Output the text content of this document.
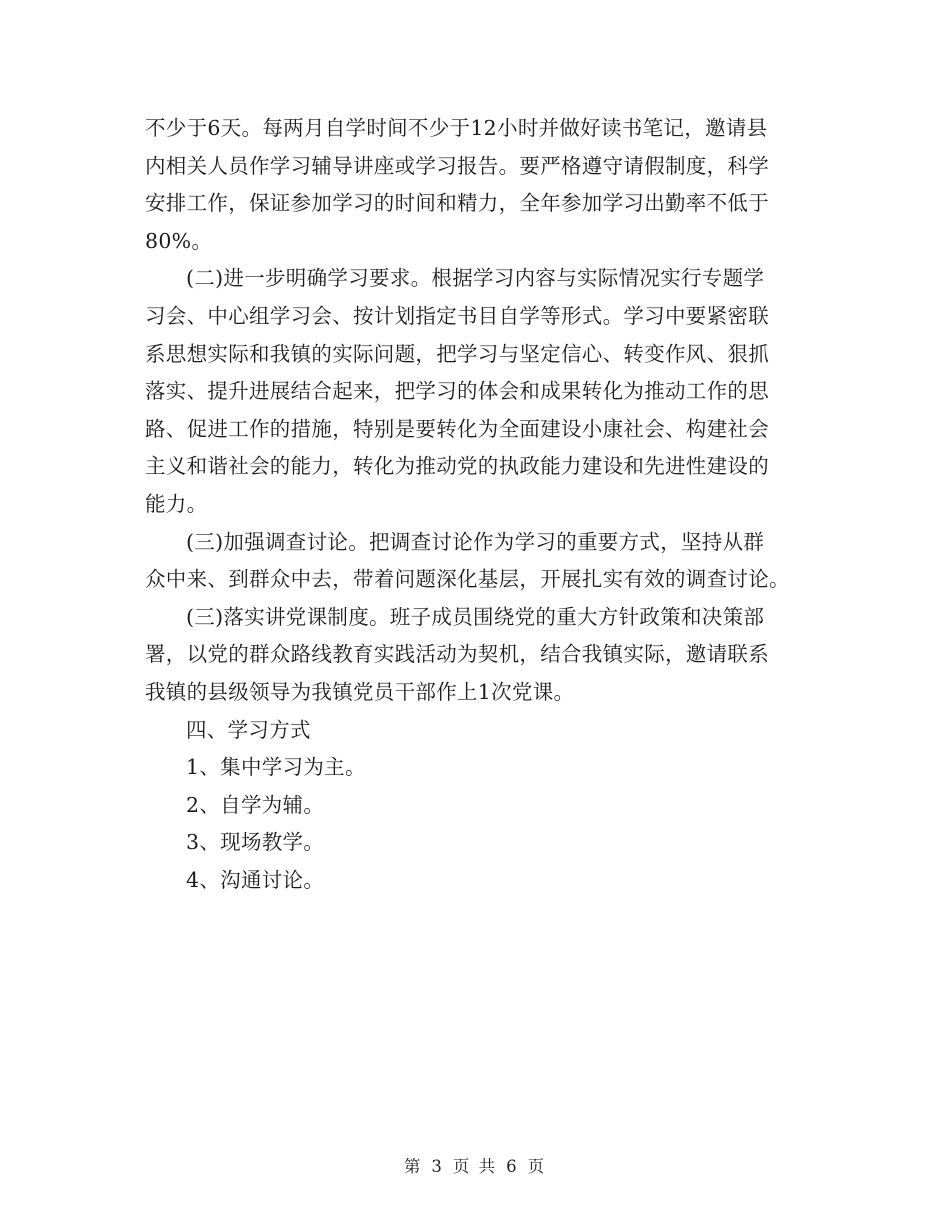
不少于6天。每两月自学时间不少于12小时并做好读书笔记，邀请县
内相关人员作学习辅导讲座或学习报告。要严格遵守请假制度，科学
安排工作，保证参加学习的时间和精力，全年参加学习出勤率不低于
80%。

(二)进一步明确学习要求。根据学习内容与实际情况实行专题学
习会、中心组学习会、按计划指定书目自学等形式。学习中要紧密联
系思想实际和我镇的实际问题，把学习与坚定信心、转变作风、狠抓
落实、提升进展结合起来，把学习的体会和成果转化为推动工作的思
路、促进工作的措施，特别是要转化为全面建设小康社会、构建社会
主义和谐社会的能力，转化为推动党的执政能力建设和先进性建设的
能力。

(三)加强调查讨论。把调查讨论作为学习的重要方式，坚持从群
众中来、到群众中去，带着问题深化基层，开展扎实有效的调查讨论。

(三)落实讲党课制度。班子成员围绕党的重大方针政策和决策部
署，以党的群众路线教育实践活动为契机，结合我镇实际，邀请联系
我镇的县级领导为我镇党员干部作上1次党课。

四、学习方式

1、集中学习为主。

2、自学为辅。

3、现场教学。

4、沟通讨论。

第 3 页 共 6 页
